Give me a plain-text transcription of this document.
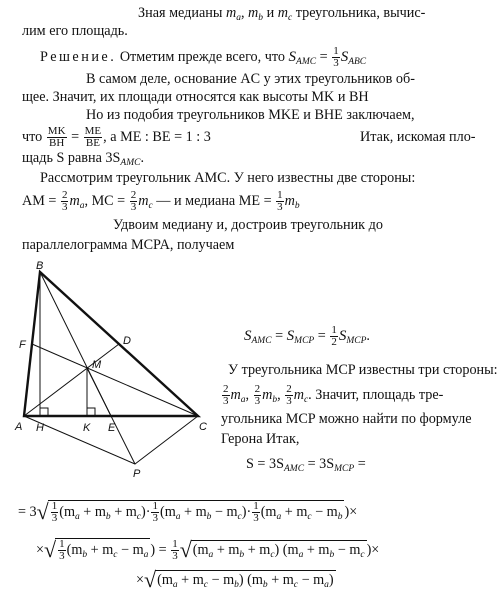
Зная медианы $m_a$, $m_b$ и $m_c$ треугольника, вычис-
лим его площадь.
Решение. Отметим прежде всего, что $S_{AMC} = \frac{1}{3} S_{ABC}$
В самом деле, основание AC у этих треугольников об-
щее. Значит, их площади относятся как высоты MK и BH
Но из подобия треугольников MKE и BHE заключаем,
что $\frac{MK}{BH} = \frac{ME}{BE}$ , а ME : BE = 1 : 3	Итак, искомая пло-
щадь S равна $3S_{AMC}$.
Рассмотрим треугольник AMC. У него известны две стороны:
AM = $\frac{2}{3} m_a$, MC = $\frac{2}{3} m_c$ — и медиана ME = $\frac{1}{3} m_b$
Удвоим медиану и, достроив треугольник до
параллелограмма MCPA, получаем
B
F	D
M
A H	K E	C
P
$S_{AMC} = S_{MCP} = \frac{1}{2} S_{MCP}$.
У треугольника MCP известны три стороны:
$\frac{2}{3} m_a$, $\frac{2}{3} m_b$, $\frac{2}{3} m_c$. Значит, площадь тре-
угольника MCP можно найти по формуле
Герона Итак,
$S = 3S_{AMC} = 3S_{MCP}$ =
= $3√ \frac{1}{3} (m_a + m_b + m_c)\cdot \frac{1}{3} (m_a + m_b - m_c)\cdot \frac{1}{3} (m_a + m_c - m_b$ )×
×√ $\frac{1}{3} (m_b + m_c - m_a$ ) = $\frac{1}{3} √(m_a + m_b + m_c) (m_a + m_b - m_c$ )×
$\times√(m_a + m_c - m_b) (m_b + m_c - m_a)$
